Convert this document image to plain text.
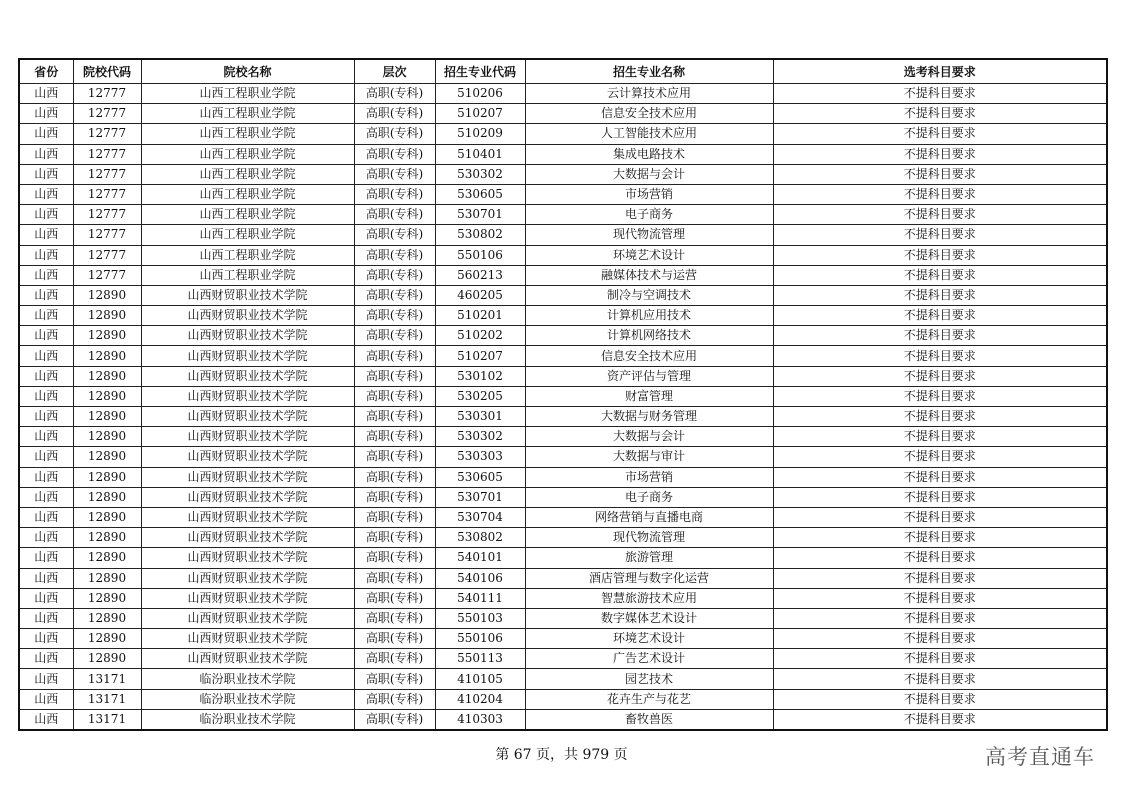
省份	院校代码	院校名称	层次	招生专业代码	招生专业名称	选考科目要求
山西	12777	山西工程职业学院	高职(专科)	510206	云计算技术应用	不提科目要求
山西	12777	山西工程职业学院	高职(专科)	510207	信息安全技术应用	不提科目要求
山西	12777	山西工程职业学院	高职(专科)	510209	人工智能技术应用	不提科目要求
山西	12777	山西工程职业学院	高职(专科)	510401	集成电路技术	不提科目要求
山西	12777	山西工程职业学院	高职(专科)	530302	大数据与会计	不提科目要求
山西	12777	山西工程职业学院	高职(专科)	530605	市场营销	不提科目要求
山西	12777	山西工程职业学院	高职(专科)	530701	电子商务	不提科目要求
山西	12777	山西工程职业学院	高职(专科)	530802	现代物流管理	不提科目要求
山西	12777	山西工程职业学院	高职(专科)	550106	环境艺术设计	不提科目要求
山西	12777	山西工程职业学院	高职(专科)	560213	融媒体技术与运营	不提科目要求
山西	12890	山西财贸职业技术学院	高职(专科)	460205	制冷与空调技术	不提科目要求
山西	12890	山西财贸职业技术学院	高职(专科)	510201	计算机应用技术	不提科目要求
山西	12890	山西财贸职业技术学院	高职(专科)	510202	计算机网络技术	不提科目要求
山西	12890	山西财贸职业技术学院	高职(专科)	510207	信息安全技术应用	不提科目要求
山西	12890	山西财贸职业技术学院	高职(专科)	530102	资产评估与管理	不提科目要求
山西	12890	山西财贸职业技术学院	高职(专科)	530205	财富管理	不提科目要求
山西	12890	山西财贸职业技术学院	高职(专科)	530301	大数据与财务管理	不提科目要求
山西	12890	山西财贸职业技术学院	高职(专科)	530302	大数据与会计	不提科目要求
山西	12890	山西财贸职业技术学院	高职(专科)	530303	大数据与审计	不提科目要求
山西	12890	山西财贸职业技术学院	高职(专科)	530605	市场营销	不提科目要求
山西	12890	山西财贸职业技术学院	高职(专科)	530701	电子商务	不提科目要求
山西	12890	山西财贸职业技术学院	高职(专科)	530704	网络营销与直播电商	不提科目要求
山西	12890	山西财贸职业技术学院	高职(专科)	530802	现代物流管理	不提科目要求
山西	12890	山西财贸职业技术学院	高职(专科)	540101	旅游管理	不提科目要求
山西	12890	山西财贸职业技术学院	高职(专科)	540106	酒店管理与数字化运营	不提科目要求
山西	12890	山西财贸职业技术学院	高职(专科)	540111	智慧旅游技术应用	不提科目要求
山西	12890	山西财贸职业技术学院	高职(专科)	550103	数字媒体艺术设计	不提科目要求
山西	12890	山西财贸职业技术学院	高职(专科)	550106	环境艺术设计	不提科目要求
山西	12890	山西财贸职业技术学院	高职(专科)	550113	广告艺术设计	不提科目要求
山西	13171	临汾职业技术学院	高职(专科)	410105	园艺技术	不提科目要求
山西	13171	临汾职业技术学院	高职(专科)	410204	花卉生产与花艺	不提科目要求
山西	13171	临汾职业技术学院	高职(专科)	410303	畜牧兽医	不提科目要求
第 67 页，共 979 页	高考直通车
